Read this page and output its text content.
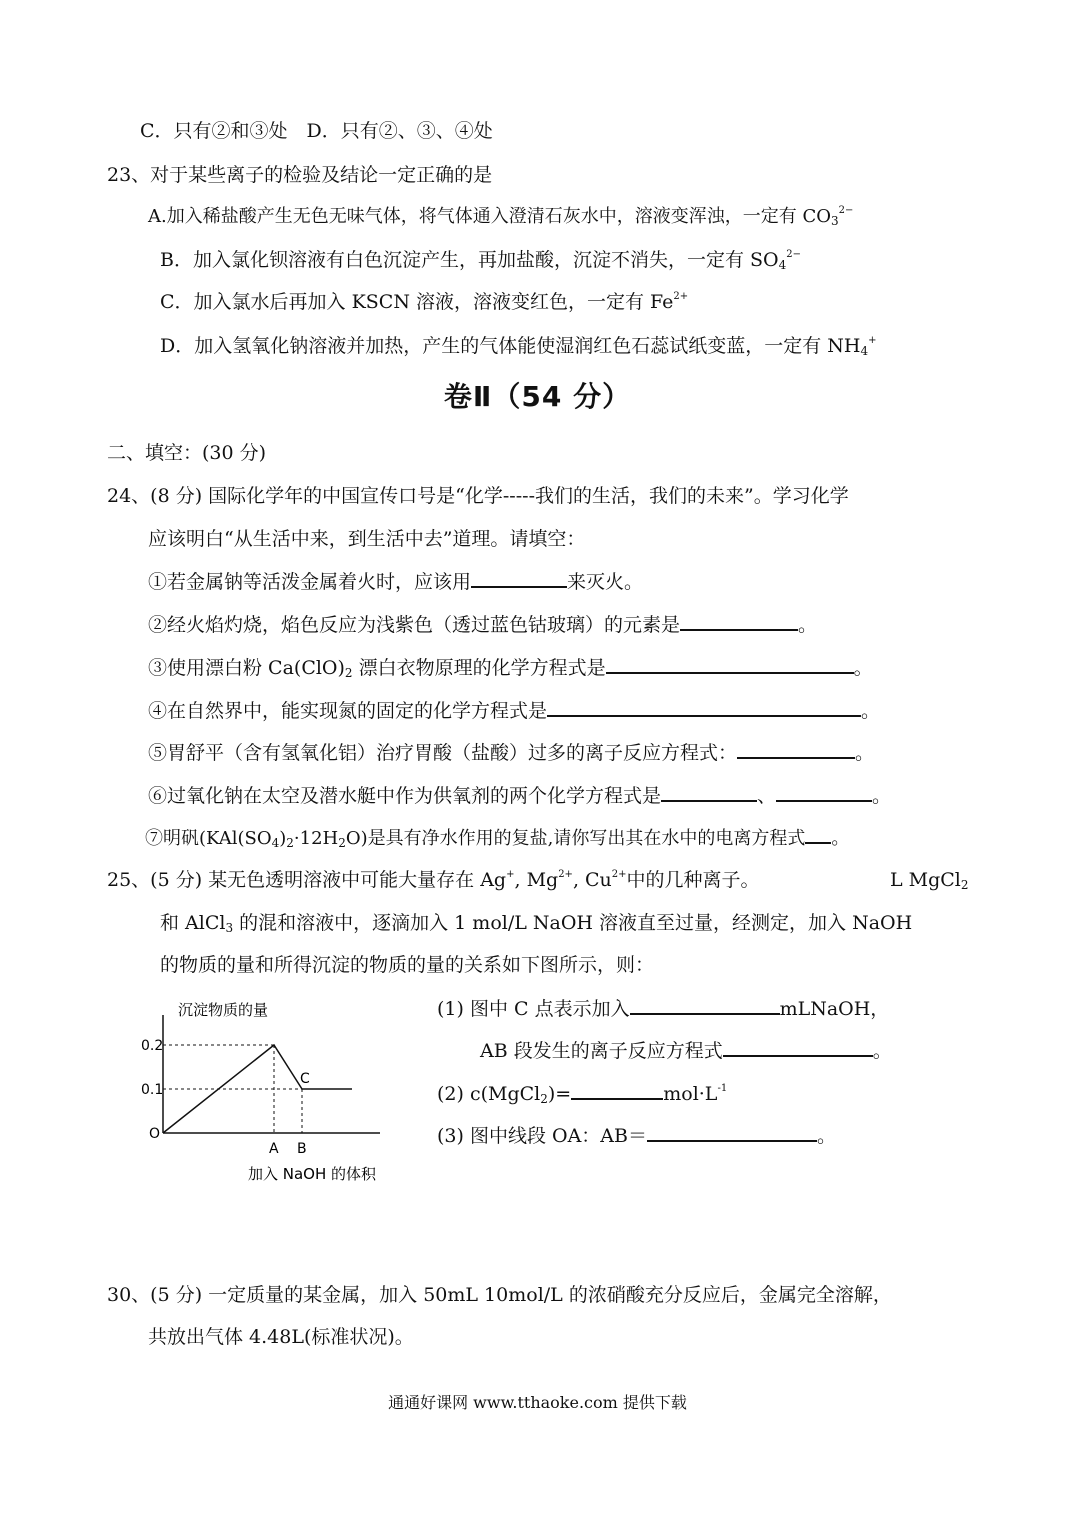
C．只有②和③处　D．只有②、③、④处
23、对于某些离子的检验及结论一定正确的是
A.加入稀盐酸产生无色无味气体，将气体通入澄清石灰水中，溶液变浑浊，一定有 $CO_3^{2-}$
B．加入氯化钡溶液有白色沉淀产生，再加盐酸，沉淀不消失，一定有 $SO_4^{2-}$
C．加入氯水后再加入 KSCN 溶液，溶液变红色，一定有 $Fe^{2+}$
D．加入氢氧化钠溶液并加热，产生的气体能使湿润红色石蕊试纸变蓝，一定有 $NH_4^+$
卷Ⅱ（54 分）
二、填空：(30 分)
24、(8 分) 国际化学年的中国宣传口号是“化学-----我们的生活，我们的未来”。学习化学
应该明白“从生活中来，到生活中去”道理。请填空：
①若金属钠等活泼金属着火时，应该用	来灭火。
②经火焰灼烧，焰色反应为浅紫色（透过蓝色钴玻璃）的元素是	。
③使用漂白粉 $Ca(ClO)_2$ 漂白衣物原理的化学方程式是	。
④在自然界中，能实现氮的固定的化学方程式是	。
⑤胃舒平（含有氢氧化铝）治疗胃酸（盐酸）过多的离子反应方程式：	。
⑥过氧化钠在太空及潜水艇中作为供氧剂的两个化学方程式是	、	。
⑦明矾$(KAl(SO_4)_2\cdot 12H_2O)$是具有净水作用的复盐,请你写出其在水中的电离方程式 。
25、(5 分) 某无色透明溶液中可能大量存在 Ag+, $Mg^{2+}$, $Cu^{2+}$中的几种离子。	L MgCl$_2$
和 AlCl$_3$ 的混和溶液中，逐滴加入 1 mol/L NaOH 溶液直至过量，经测定，加入 NaOH
的物质的量和所得沉淀的物质的量的关系如下图所示，则：
沉淀物质的量
加入 NaOH 的体积
0.1
0.2
O
A B
C
(1) 图中 C 点表示加入	mLNaOH，
AB 段发生的离子反应方程式	。
(2) c(MgCl$_2$)=	$mol\cdot L^{-1}$
(3) 图中线段 OA：AB＝	。
30、(5 分) 一定质量的某金属，加入 50mL 10mol/L 的浓硝酸充分反应后，金属完全溶解，
共放出气体 4.48L(标准状况)。
通通好课网 www.tthaoke.com 提供下载
